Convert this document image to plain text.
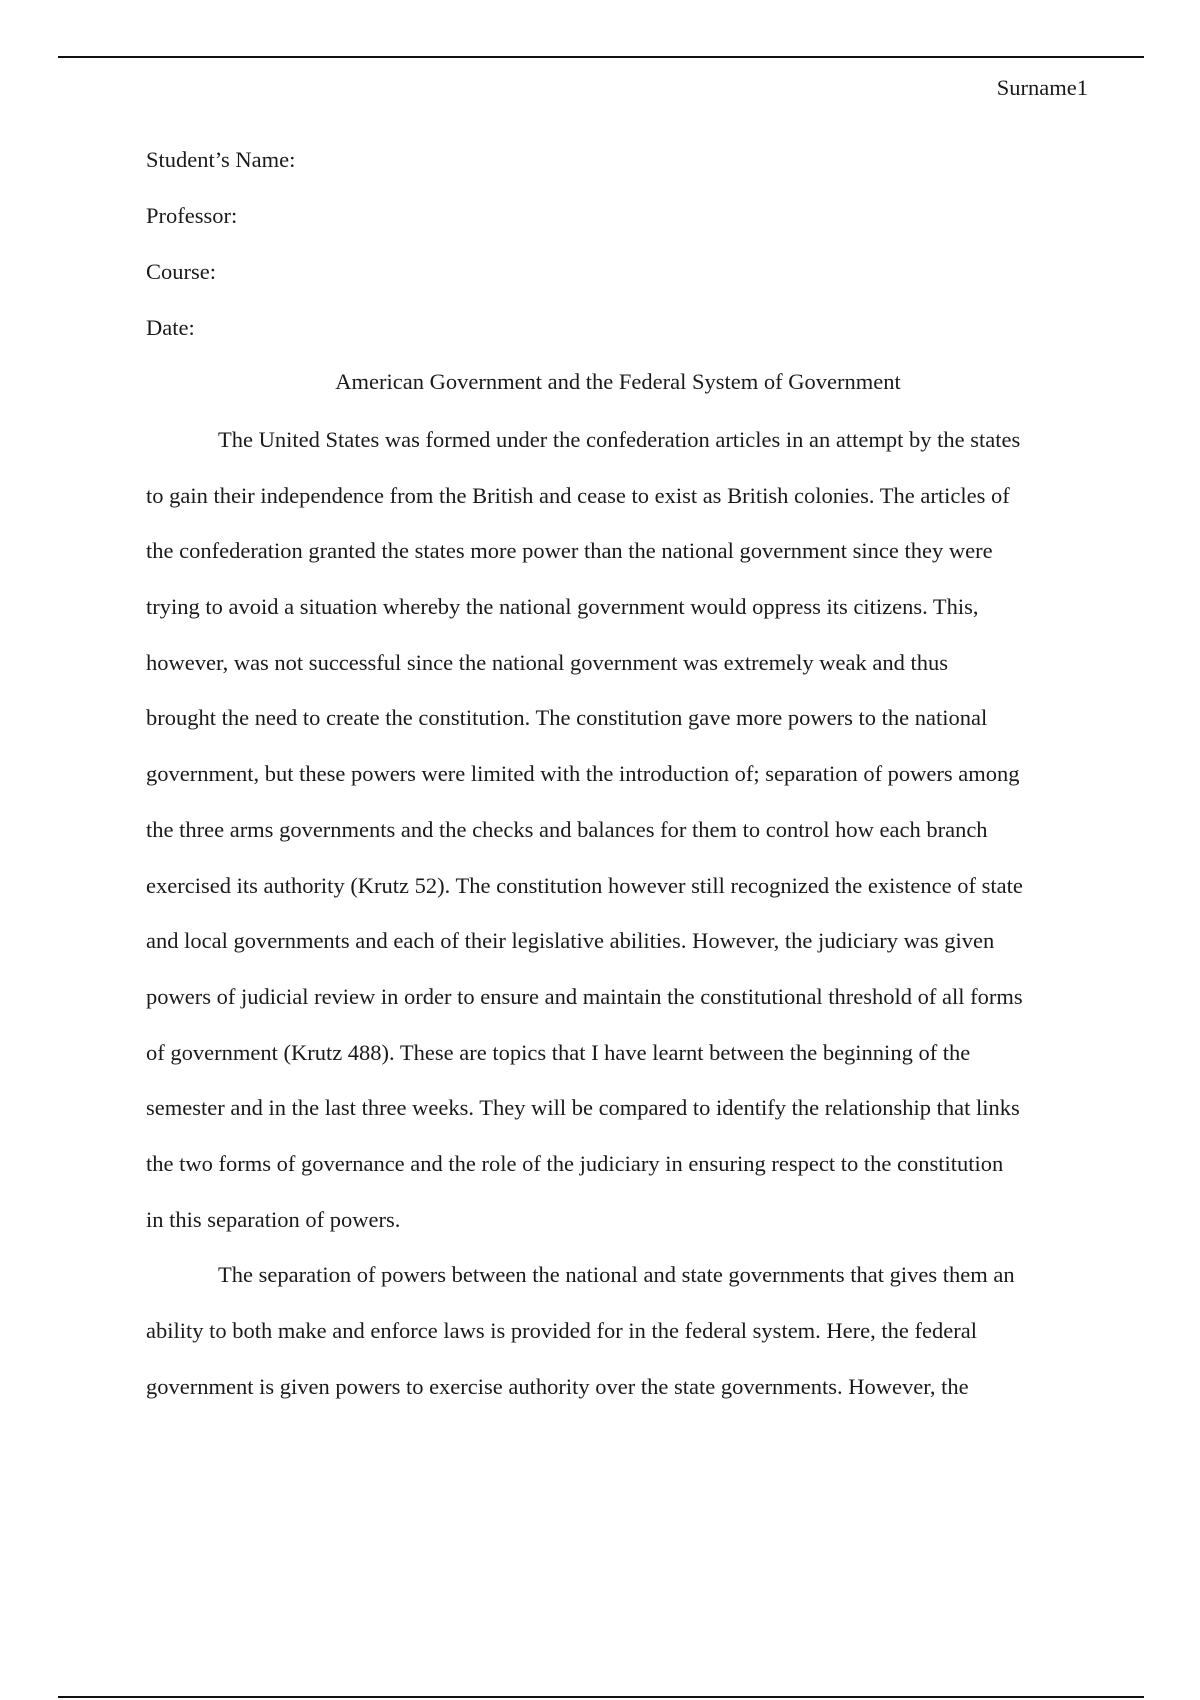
Surname1
Student’s Name:
Professor:
Course:
Date:
American Government and the Federal System of Government
The United States was formed under the confederation articles in an attempt by the states
to gain their independence from the British and cease to exist as British colonies. The articles of
the confederation granted the states more power than the national government since they were
trying to avoid a situation whereby the national government would oppress its citizens. This,
however, was not successful since the national government was extremely weak and thus
brought the need to create the constitution. The constitution gave more powers to the national
government, but these powers were limited with the introduction of; separation of powers among
the three arms governments and the checks and balances for them to control how each branch
exercised its authority (Krutz 52). The constitution however still recognized the existence of state
and local governments and each of their legislative abilities. However, the judiciary was given
powers of judicial review in order to ensure and maintain the constitutional threshold of all forms
of government (Krutz 488). These are topics that I have learnt between the beginning of the
semester and in the last three weeks. They will be compared to identify the relationship that links
the two forms of governance and the role of the judiciary in ensuring respect to the constitution
in this separation of powers.
The separation of powers between the national and state governments that gives them an
ability to both make and enforce laws is provided for in the federal system. Here, the federal
government is given powers to exercise authority over the state governments. However, the
